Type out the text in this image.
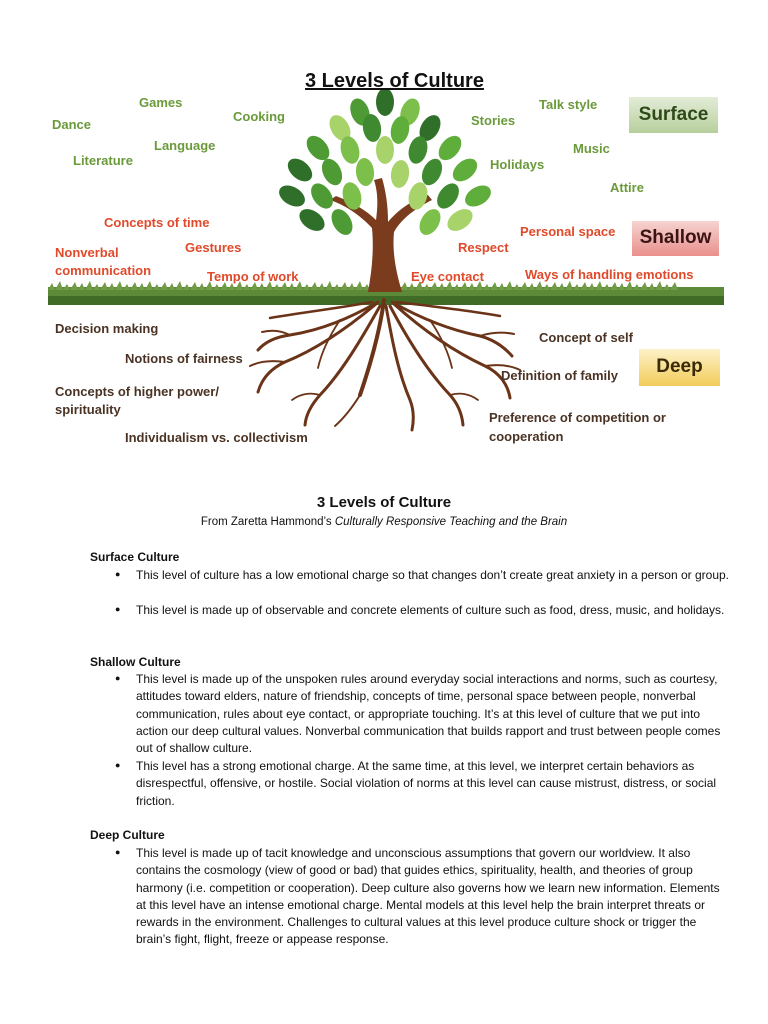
3 Levels of Culture
Games
Cooking
Dance
Language
Literature
Stories
Talk style
Music
Holidays
Attire
Concepts of time
Gestures
Nonverbal communication	Tempo of work
Respect
Personal space
Eye contact	Ways of handling emotions
Decision making
Notions of fairness
Concepts of higher power/ spirituality
Individualism vs. collectivism
Concept of self
Definition of family
Preference of competition or cooperation
Surface
Shallow
Deep
3 Levels of Culture
From Zaretta Hammond’s Culturally Responsive Teaching and the Brain
Surface Culture
●	This level of culture has a low emotional charge so that changes don’t create great anxiety in a person or group.
●	This level is made up of observable and concrete elements of culture such as food, dress, music, and holidays.
Shallow Culture
●	This level is made up of the unspoken rules around everyday social interactions and norms, such as courtesy, attitudes toward elders, nature of friendship, concepts of time, personal space between people, nonverbal communication, rules about eye contact, or appropriate touching. It’s at this level of culture that we put into action our deep cultural values. Nonverbal communication that builds rapport and trust between people comes out of shallow culture.
●	This level has a strong emotional charge. At the same time, at this level, we interpret certain behaviors as disrespectful, offensive, or hostile. Social violation of norms at this level can cause mistrust, distress, or social friction.
Deep Culture
●	This level is made up of tacit knowledge and unconscious assumptions that govern our worldview. It also contains the cosmology (view of good or bad) that guides ethics, spirituality, health, and theories of group harmony (i.e. competition or cooperation). Deep culture also governs how we learn new information. Elements at this level have an intense emotional charge. Mental models at this level help the brain interpret threats or rewards in the environment. Challenges to cultural values at this level produce culture shock or trigger the brain’s fight, flight, freeze or appease response.
